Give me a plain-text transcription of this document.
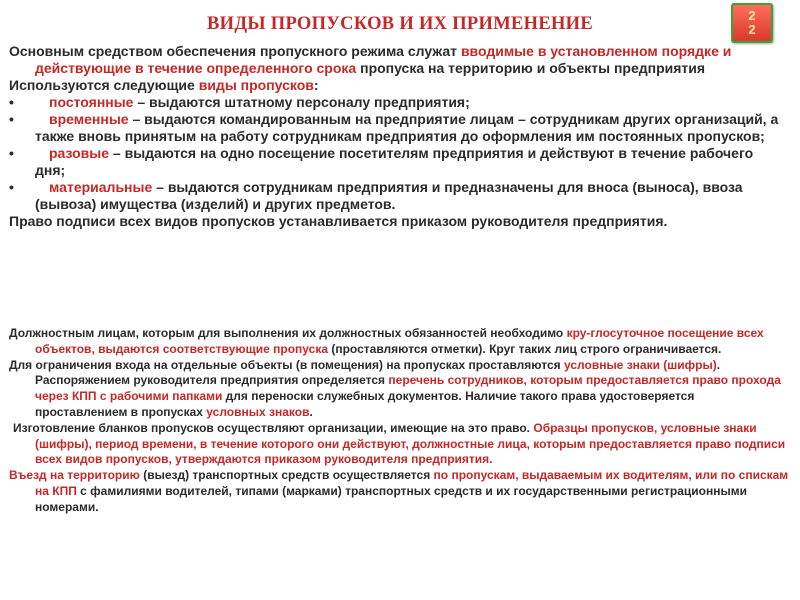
ВИДЫ ПРОПУСКОВ И ИХ ПРИМЕНЕНИЕ	2
2

Основным средством обеспечения пропускного режима служат вводимые в установленном порядке и действующие в течение определенного срока пропуска на территорию и объекты предприятия

Используются следующие виды пропусков:

•	постоянные – выдаются штатному персоналу предприятия;

•	временные – выдаются командированным на предприятие лицам – сотрудникам других организаций, а также вновь принятым на работу сотрудникам предприятия до оформления им постоянных пропусков;

•	разовые – выдаются на одно посещение посетителям предприятия и действуют в течение рабочего дня;

•	материальные – выдаются сотрудникам предприятия и предназначены для вноса (выноса), ввоза (вывоза) имущества (изделий) и других предметов.

Право подписи всех видов пропусков устанавливается приказом руководителя предприятия.

Должностным лицам, которым для выполнения их должностных обязанностей необходимо кру-глосуточное посещение всех объектов, выдаются соответствующие пропуска (проставляются отметки). Круг таких лиц строго ограничивается.

Для ограничения входа на отдельные объекты (в помещения) на пропусках проставляются условные знаки (шифры). Распоряжением руководителя предприятия определяется перечень сотрудников, которым предоставляется право прохода через КПП с рабочими папками для переноски служебных документов. Наличие такого права удостоверяется проставлением в пропусках условных знаков.

Изготовление бланков пропусков осуществляют организации, имеющие на это право. Образцы пропусков, условные знаки (шифры), период времени, в течение которого они действуют, должностные лица, которым предоставляется право подписи всех видов пропусков, утверждаются приказом руководителя предприятия.

Въезд на территорию (выезд) транспортных средств осуществляется по пропускам, выдаваемым их водителям, или по спискам на КПП с фамилиями водителей, типами (марками) транспортных средств и их государственными регистрационными номерами.
